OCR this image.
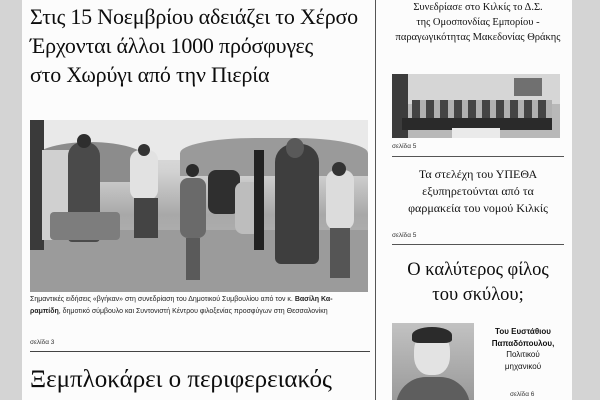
Στις 15 Νοεμβρίου αδειάζει το Χέρσο
Έρχονται άλλοι 1000 πρόσφυγες
στο Χωρύγι από την Πιερία

Σημαντικές ειδήσεις «βγήκαν» στη συνεδρίαση του Δημοτικού Συμβουλίου από τον κ. Βασίλη Κα-
ραμπίδη, δημοτικό σύμβουλο και Συντονιστή Κέντρου φιλοξενίας προσφύγων στη Θεσσαλονίκη

σελίδα 3
Ξεμπλοκάρει ο περιφερειακός
Συνεδρίασε στο Κιλκίς το Δ.Σ.
της Ομοσπονδίας Εμπορίου -
παραγωγικότητας Μακεδονίας Θράκης
σελίδα 5
Τα στελέχη του ΥΠΕΘΑ
εξυπηρετούνται από τα
φαρμακεία του νομού Κιλκίς
σελίδα 5
Ο καλύτερος φίλος
του σκύλου;
Του Ευστάθιου
Παπαδόπουλου,
Πολιτικού
μηχανικού
σελίδα 6
